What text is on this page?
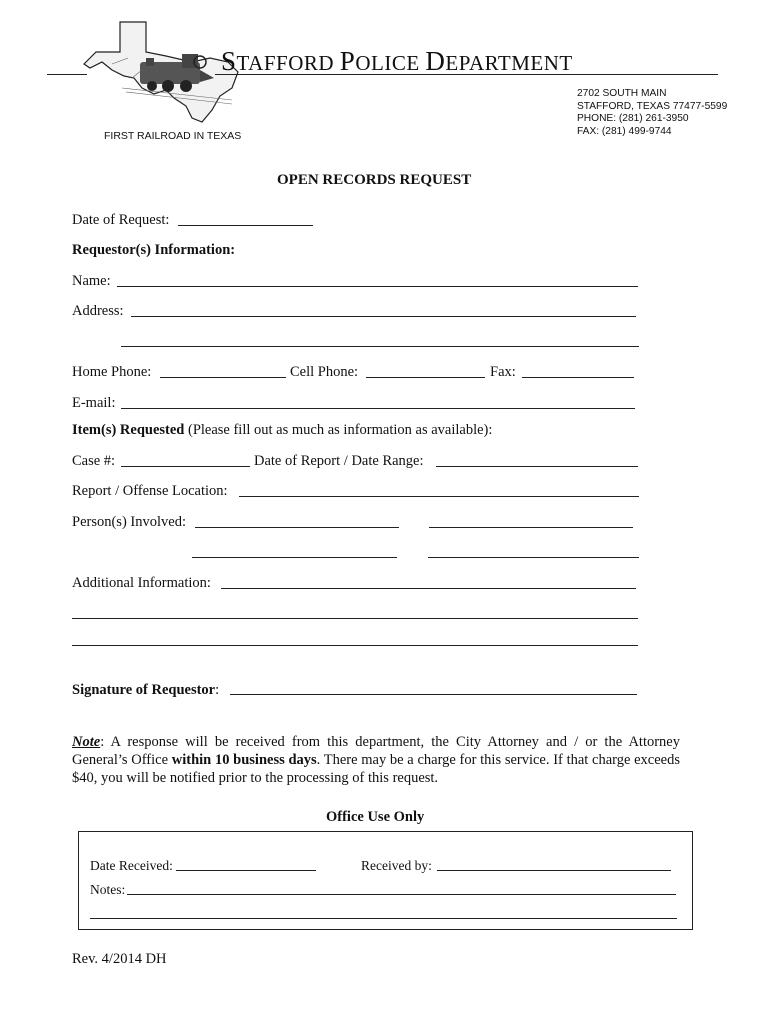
STAFFORD POLICE DEPARTMENT
FIRST RAILROAD IN TEXAS
2702 SOUTH MAIN
STAFFORD, TEXAS 77477-5599
PHONE: (281) 261-3950
FAX: (281) 499-9744
OPEN RECORDS REQUEST
Date of Request:
Requestor(s) Information:
Name:
Address:
Home Phone:	Cell Phone:	Fax:
E-mail:
Item(s) Requested (Please fill out as much as information as available):
Case #:	Date of Report / Date Range:
Report / Offense Location:
Person(s) Involved:
Additional Information:
Signature of Requestor:
Note: A response will be received from this department, the City Attorney and / or the Attorney General’s Office within 10 business days. There may be a charge for this service. If that charge exceeds $40, you will be notified prior to the processing of this request.
Office Use Only
Date Received:	Received by:
Notes:
Rev. 4/2014 DH
